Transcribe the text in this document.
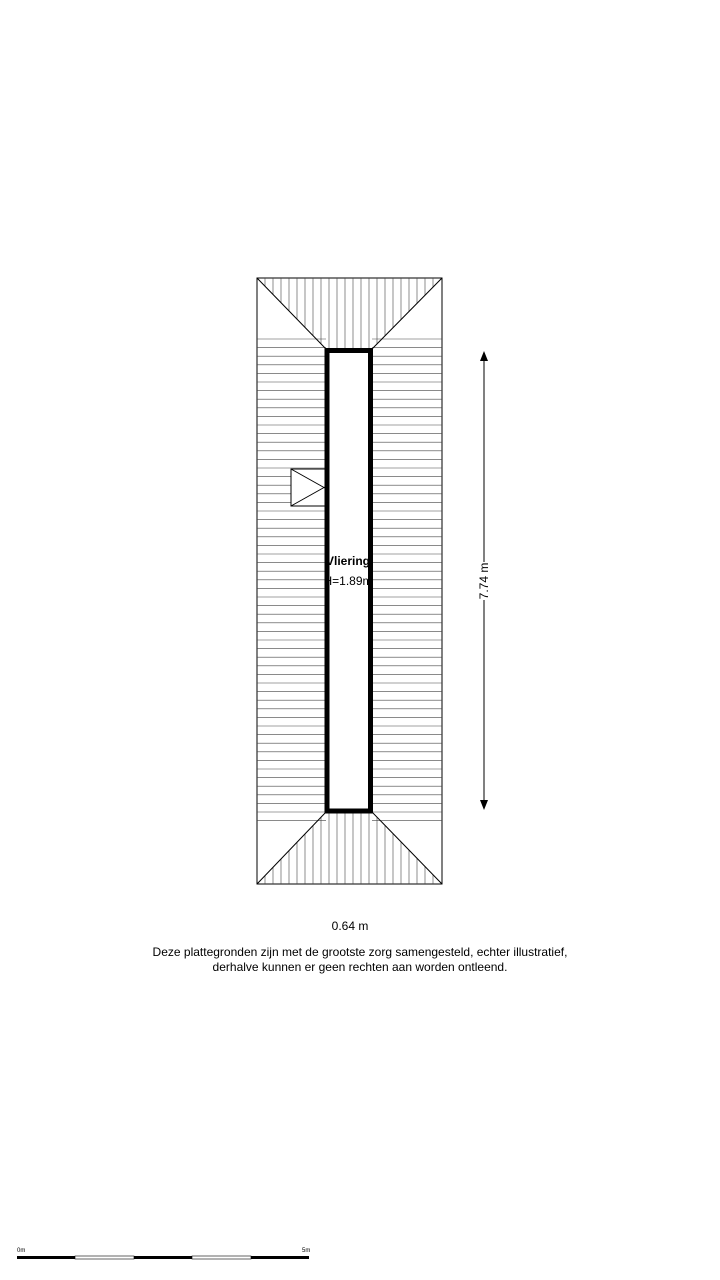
Vliering
H=1.89m	7.74 m
0m	5m
0.64 m
Deze plattegronden zijn met de grootste zorg samengesteld, echter illustratief,
derhalve kunnen er geen rechten aan worden ontleend.
